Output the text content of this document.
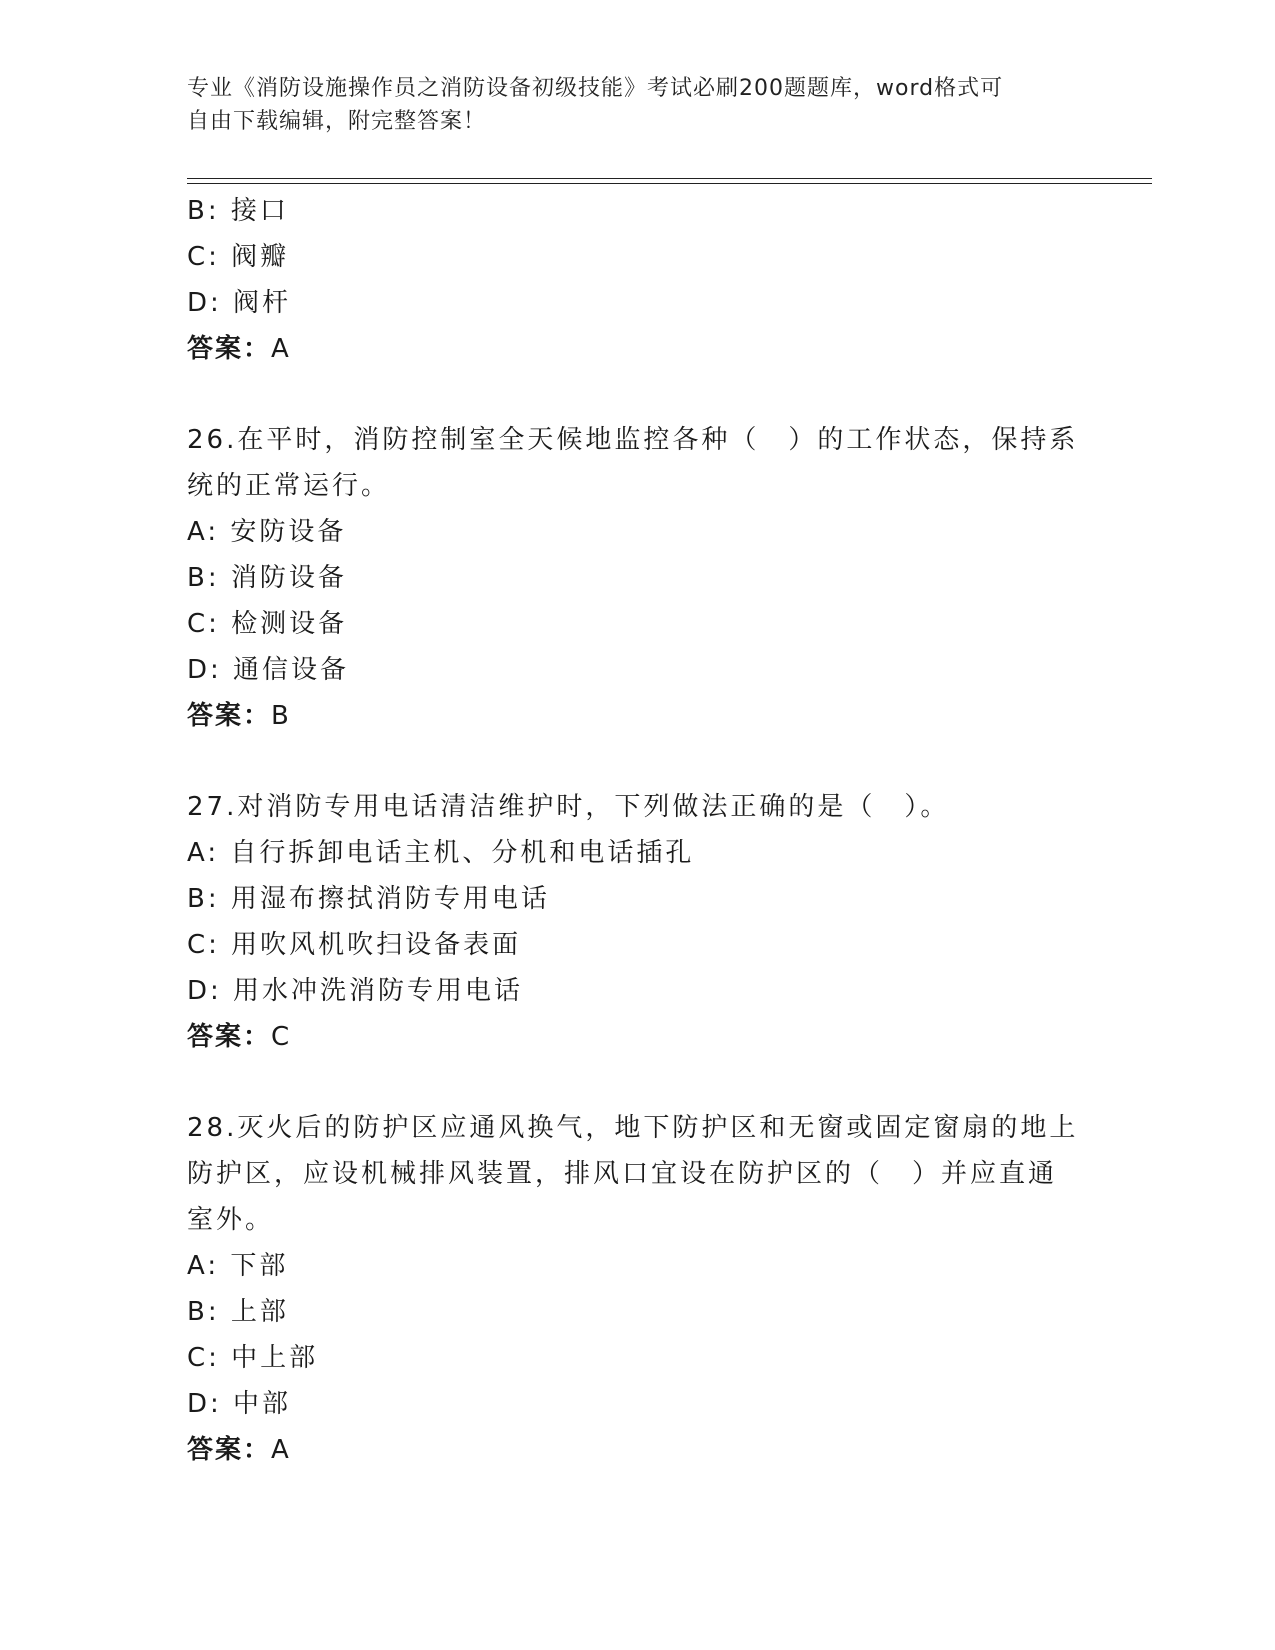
专业《消防设施操作员之消防设备初级技能》考试必刷200题题库，word格式可
自由下载编辑，附完整答案！
B: 接口
C: 阀瓣
D: 阀杆
答案：A
26.在平时，消防控制室全天候地监控各种（　）的工作状态，保持系
统的正常运行。
A: 安防设备
B: 消防设备
C: 检测设备
D: 通信设备
答案：B
27.对消防专用电话清洁维护时，下列做法正确的是（　）。
A: 自行拆卸电话主机、分机和电话插孔
B: 用湿布擦拭消防专用电话
C: 用吹风机吹扫设备表面
D: 用水冲洗消防专用电话
答案：C
28.灭火后的防护区应通风换气，地下防护区和无窗或固定窗扇的地上
防护区，应设机械排风装置，排风口宜设在防护区的（　）并应直通
室外。
A: 下部
B: 上部
C: 中上部
D: 中部
答案：A
